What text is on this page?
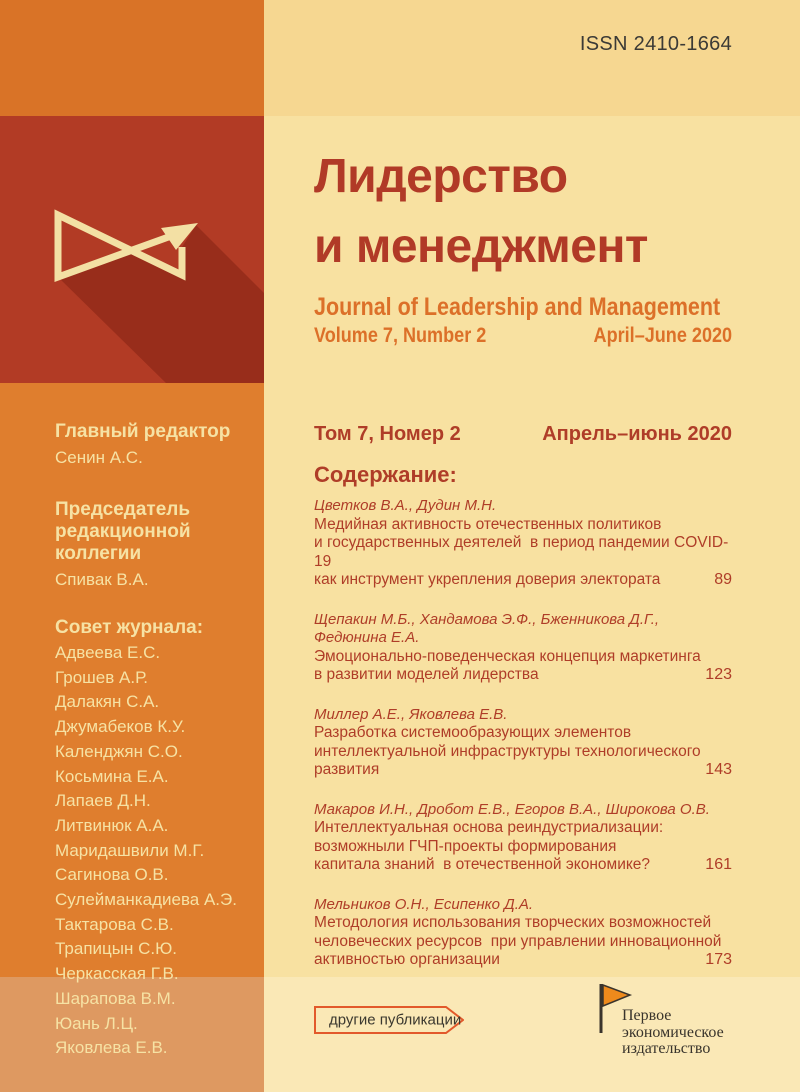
Главный редактор
Сенин А.С.
Председатель
редакционной коллегии
Спивак В.А.
Совет журнала:
Адвеева Е.С.
Грошев А.Р.
Далакян С.А.
Джумабеков К.У.
Календжян С.О.
Косьмина Е.А.
Лапаев Д.Н.
Литвинюк А.А.
Маридашвили М.Г.
Сагинова О.В.
Сулейманкадиева А.Э.
Тактарова С.В.
Трапицын С.Ю.
Черкасская Г.В.
Шарапова В.М.
Юань Л.Ц.
Яковлева Е.В.
ISSN 2410-1664
Лидерство
и менеджмент
Journal of Leadership and Management
Volume 7, Number 2	April–June 2020
Том 7, Номер 2	Апрель–июнь 2020
Содержание:
Цветков В.А., Дудин М.Н.
Медийная активность отечественных политиков
и государственных деятелей  в период пандемии COVID-19
как инструмент укрепления доверия электората	89
Щепакин М.Б., Хандамова Э.Ф., Бженникова Д.Г., Федюнина Е.А.
Эмоционально-поведенческая концепция маркетинга
в развитии моделей лидерства	123
Миллер А.Е., Яковлева Е.В.
Разработка системообразующих элементов
интеллектуальной инфраструктуры технологического
развития	143
Макаров И.Н., Дробот Е.В., Егоров В.А., Широкова О.В.
Интеллектуальная основа реиндустриализации:
возможныли ГЧП-проекты формирования
капитала знаний  в отечественной экономике?	161
Мельников О.Н., Есипенко Д.А.
Методология использования творческих возможностей
человеческих ресурсов  при управлении инновационной
активностью организации	173
другие публикации	Первое
экономическое
издательство
